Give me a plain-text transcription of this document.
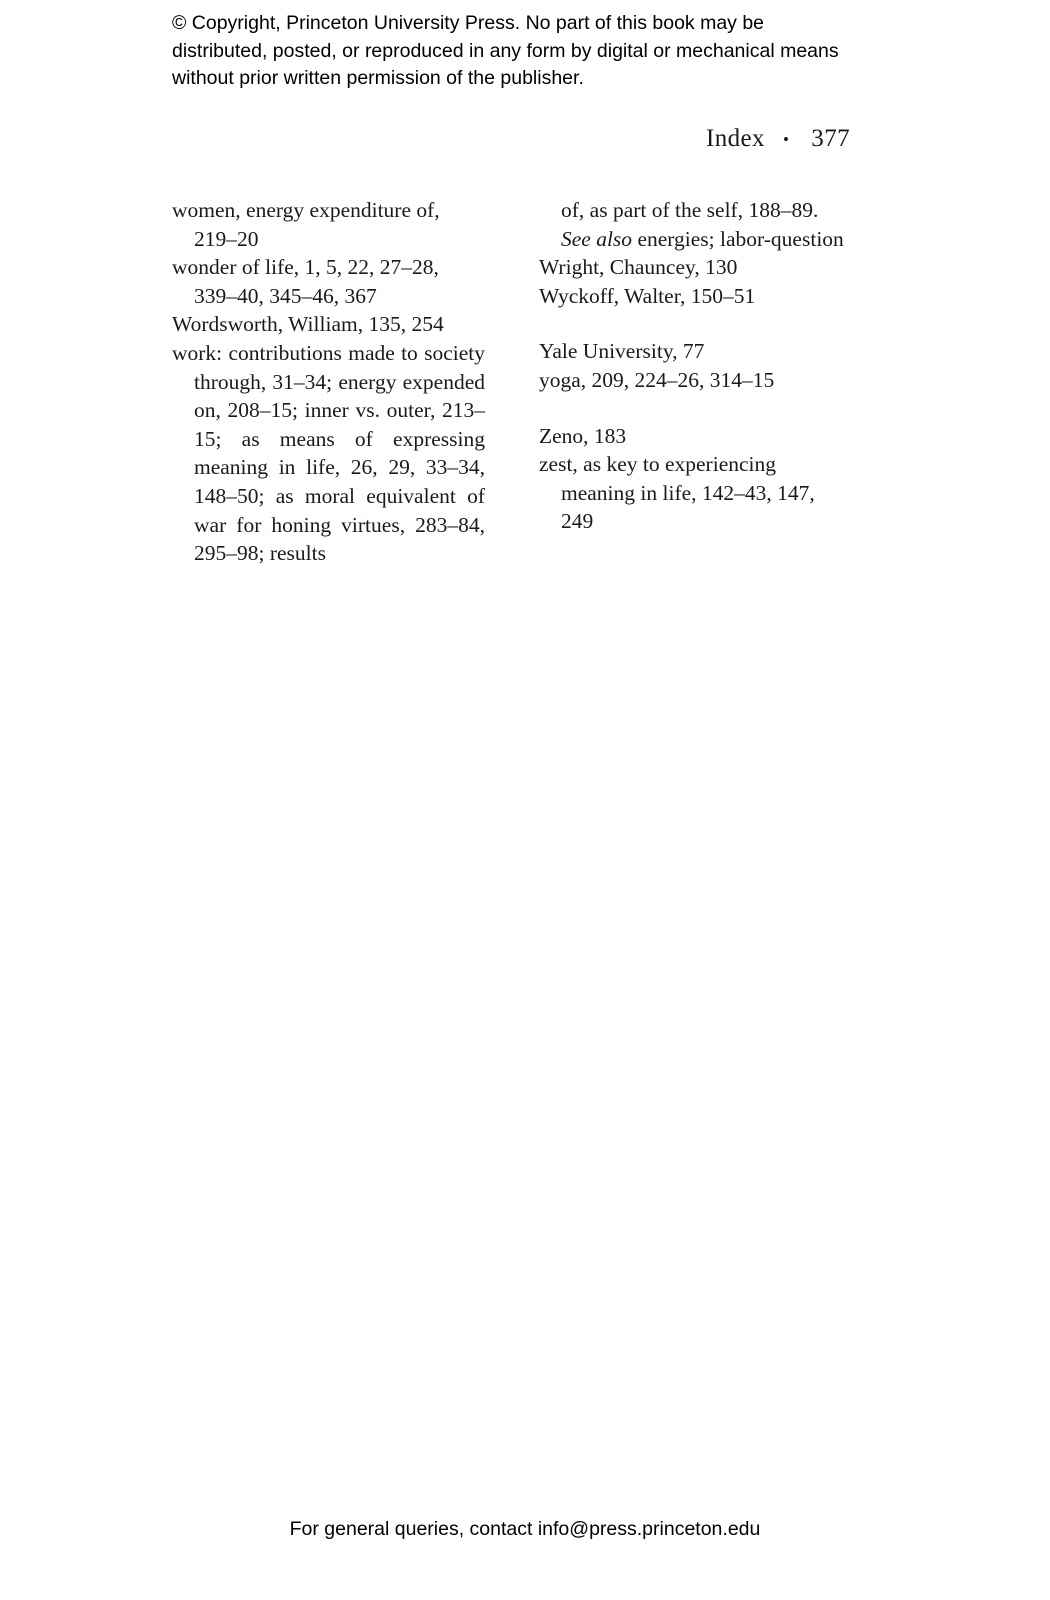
© Copyright, Princeton University Press. No part of this book may be distributed, posted, or reproduced in any form by digital or mechanical means without prior written permission of the publisher.
Index • 377
women, energy expenditure of, 219–20
wonder of life, 1, 5, 22, 27–28, 339–40, 345–46, 367
Wordsworth, William, 135, 254
work: contributions made to society through, 31–34; energy expended on, 208–15; inner vs. outer, 213–15; as means of expressing meaning in life, 26, 29, 33–34, 148–50; as moral equivalent of war for honing virtues, 283–84, 295–98; results
of, as part of the self, 188–89. See also energies; labor-question
Wright, Chauncey, 130
Wyckoff, Walter, 150–51
Yale University, 77
yoga, 209, 224–26, 314–15
Zeno, 183
zest, as key to experiencing meaning in life, 142–43, 147, 249
For general queries, contact info@press.princeton.edu
